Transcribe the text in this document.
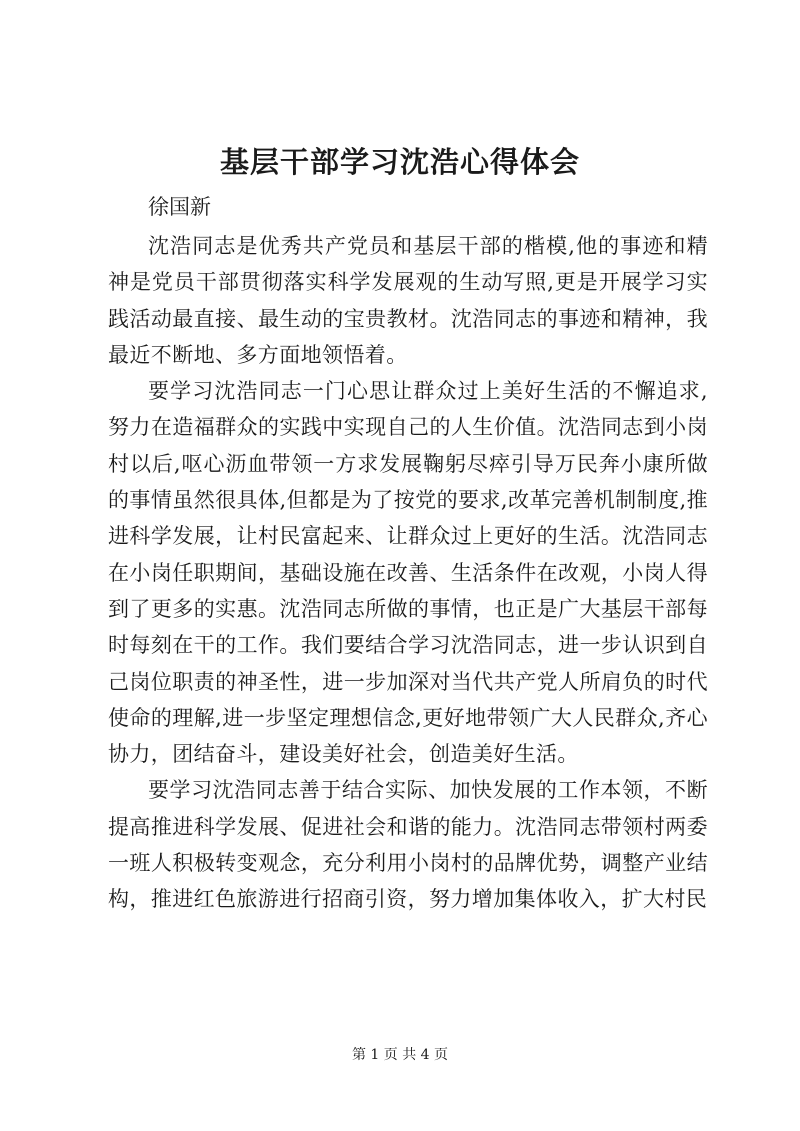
基层干部学习沈浩心得体会
徐国新

沈浩同志是优秀共产党员和基层干部的楷模,他的事迹和精神是党员干部贯彻落实科学发展观的生动写照,更是开展学习实践活动最直接、最生动的宝贵教材。沈浩同志的事迹和精神，我最近不断地、多方面地领悟着。

要学习沈浩同志一门心思让群众过上美好生活的不懈追求,努力在造福群众的实践中实现自己的人生价值。沈浩同志到小岗村以后,呕心沥血带领一方求发展鞠躬尽瘁引导万民奔小康所做的事情虽然很具体,但都是为了按党的要求,改革完善机制制度,推进科学发展，让村民富起来、让群众过上更好的生活。沈浩同志在小岗任职期间，基础设施在改善、生活条件在改观，小岗人得到了更多的实惠。沈浩同志所做的事情，也正是广大基层干部每时每刻在干的工作。我们要结合学习沈浩同志，进一步认识到自己岗位职责的神圣性，进一步加深对当代共产党人所肩负的时代使命的理解,进一步坚定理想信念,更好地带领广大人民群众,齐心协力，团结奋斗，建设美好社会，创造美好生活。

要学习沈浩同志善于结合实际、加快发展的工作本领，不断提高推进科学发展、促进社会和谐的能力。沈浩同志带领村两委一班人积极转变观念，充分利用小岗村的品牌优势，调整产业结构，推进红色旅游进行招商引资，努力增加集体收入，扩大村民

第 1 页 共 4 页
